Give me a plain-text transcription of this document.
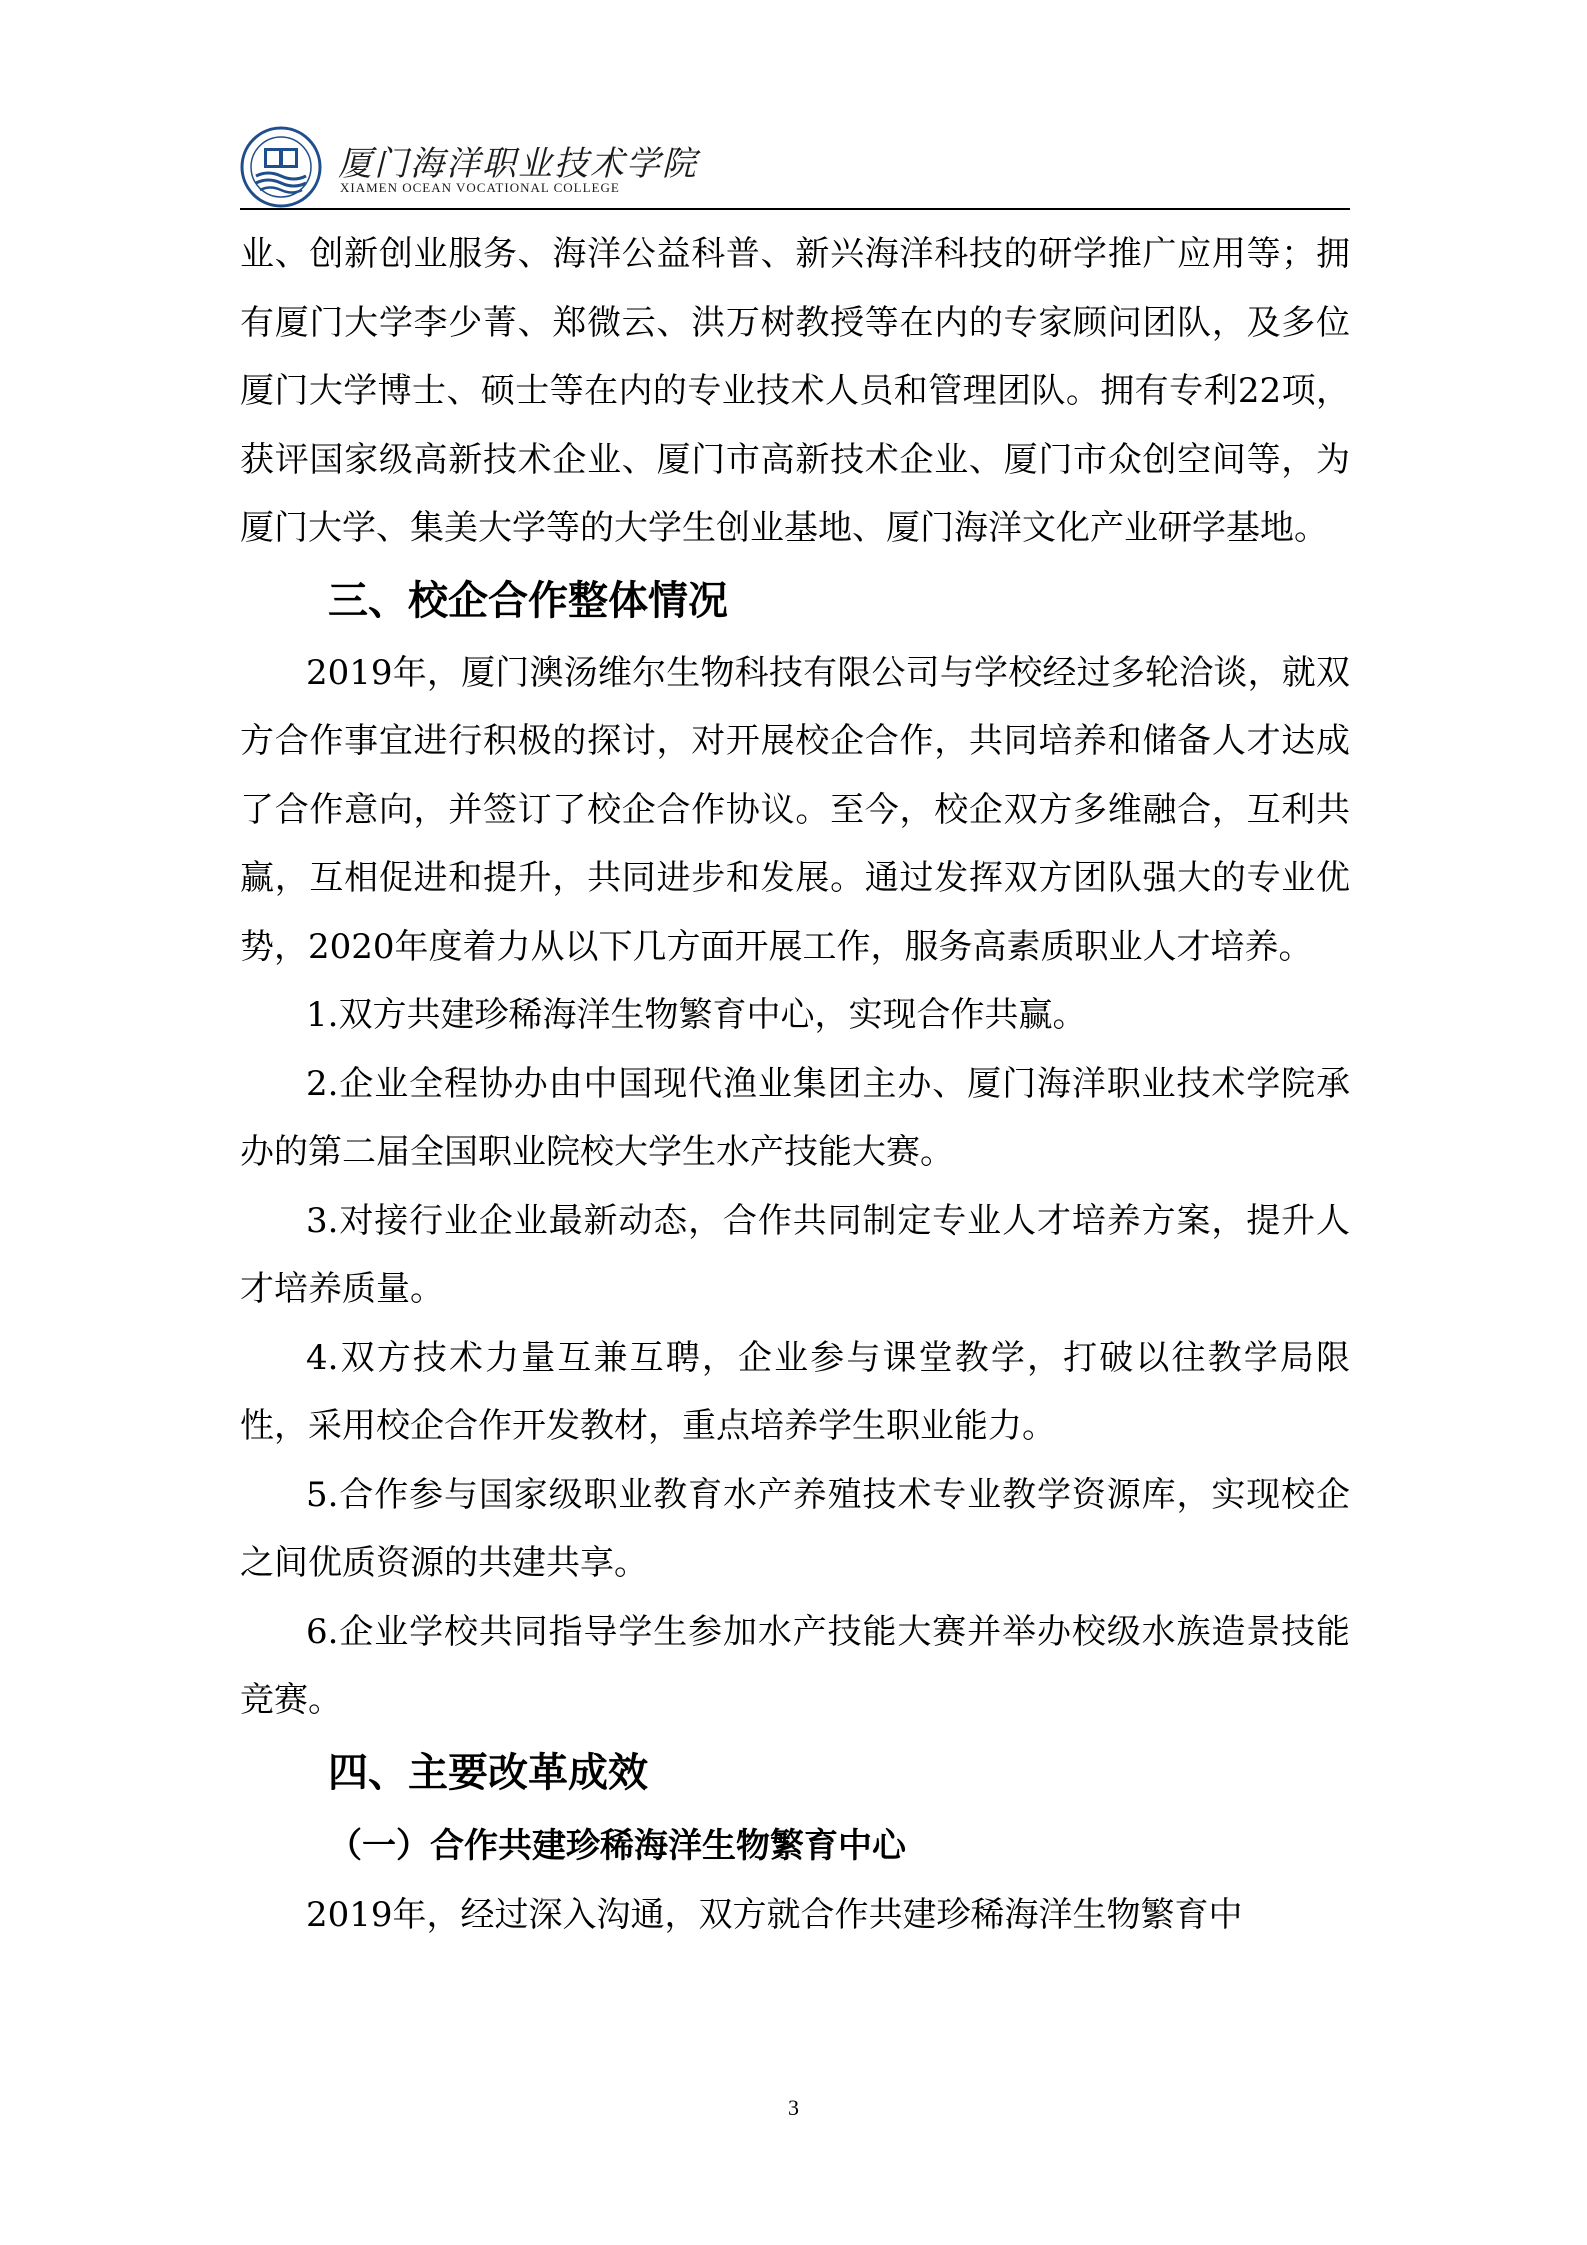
厦门海洋职业技术学院
XIAMEN OCEAN VOCATIONAL COLLEGE

业、创新创业服务、海洋公益科普、新兴海洋科技的研学推广应用等；拥有厦门大学李少菁、郑微云、洪万树教授等在内的专家顾问团队，及多位厦门大学博士、硕士等在内的专业技术人员和管理团队。拥有专利22项，获评国家级高新技术企业、厦门市高新技术企业、厦门市众创空间等，为厦门大学、集美大学等的大学生创业基地、厦门海洋文化产业研学基地。

三、校企合作整体情况

2019年，厦门澳汤维尔生物科技有限公司与学校经过多轮洽谈，就双方合作事宜进行积极的探讨，对开展校企合作，共同培养和储备人才达成了合作意向，并签订了校企合作协议。至今，校企双方多维融合，互利共赢，互相促进和提升，共同进步和发展。通过发挥双方团队强大的专业优势，2020年度着力从以下几方面开展工作，服务高素质职业人才培养。

1.双方共建珍稀海洋生物繁育中心，实现合作共赢。

2.企业全程协办由中国现代渔业集团主办、厦门海洋职业技术学院承办的第二届全国职业院校大学生水产技能大赛。

3.对接行业企业最新动态，合作共同制定专业人才培养方案，提升人才培养质量。

4.双方技术力量互兼互聘，企业参与课堂教学，打破以往教学局限性，采用校企合作开发教材，重点培养学生职业能力。

5.合作参与国家级职业教育水产养殖技术专业教学资源库，实现校企之间优质资源的共建共享。

6.企业学校共同指导学生参加水产技能大赛并举办校级水族造景技能竞赛。

四、主要改革成效
（一）合作共建珍稀海洋生物繁育中心

2019年，经过深入沟通，双方就合作共建珍稀海洋生物繁育中

3
